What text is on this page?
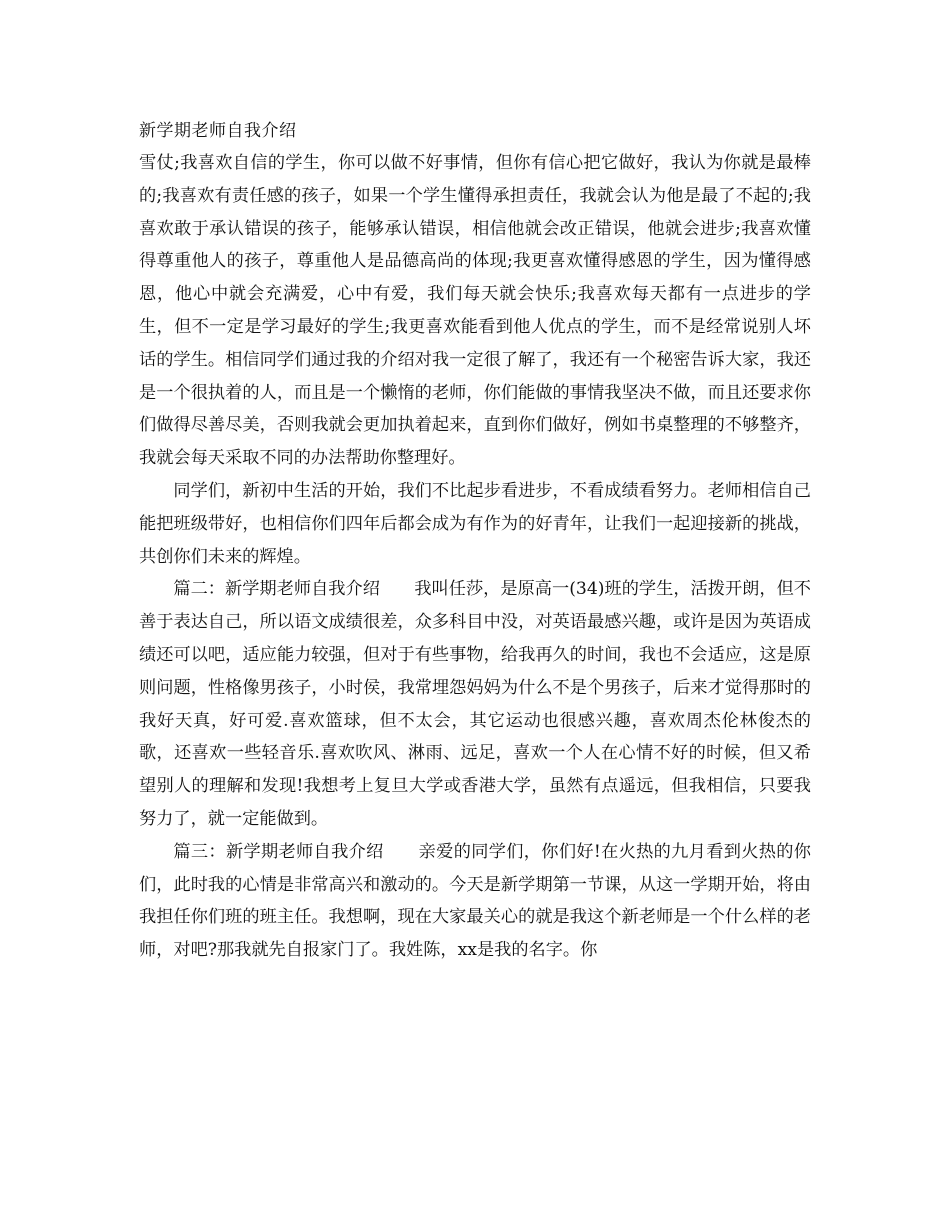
新学期老师自我介绍

雪仗;我喜欢自信的学生，你可以做不好事情，但你有信心把它做好，我认为你就是最棒的;我喜欢有责任感的孩子，如果一个学生懂得承担责任，我就会认为他是最了不起的;我喜欢敢于承认错误的孩子，能够承认错误，相信他就会改正错误，他就会进步;我喜欢懂得尊重他人的孩子，尊重他人是品德高尚的体现;我更喜欢懂得感恩的学生，因为懂得感恩，他心中就会充满爱，心中有爱，我们每天就会快乐;我喜欢每天都有一点进步的学生，但不一定是学习最好的学生;我更喜欢能看到他人优点的学生，而不是经常说别人坏话的学生。相信同学们通过我的介绍对我一定很了解了，我还有一个秘密告诉大家，我还是一个很执着的人，而且是一个懒惰的老师，你们能做的事情我坚决不做，而且还要求你们做得尽善尽美，否则我就会更加执着起来，直到你们做好，例如书桌整理的不够整齐，我就会每天采取不同的办法帮助你整理好。

同学们，新初中生活的开始，我们不比起步看进步，不看成绩看努力。老师相信自己能把班级带好，也相信你们四年后都会成为有作为的好青年，让我们一起迎接新的挑战，共创你们未来的辉煌。

篇二：新学期老师自我介绍　　我叫任莎，是原高一(34)班的学生，活拨开朗，但不善于表达自己，所以语文成绩很差，众多科目中没，对英语最感兴趣，或许是因为英语成绩还可以吧，适应能力较强，但对于有些事物，给我再久的时间，我也不会适应，这是原则问题，性格像男孩子，小时侯，我常埋怨妈妈为什么不是个男孩子，后来才觉得那时的我好天真，好可爱.喜欢篮球，但不太会，其它运动也很感兴趣，喜欢周杰伦林俊杰的歌，还喜欢一些轻音乐.喜欢吹风、淋雨、远足，喜欢一个人在心情不好的时候，但又希望别人的理解和发现!我想考上复旦大学或香港大学，虽然有点遥远，但我相信，只要我努力了，就一定能做到。

篇三：新学期老师自我介绍　　亲爱的同学们，你们好!在火热的九月看到火热的你们，此时我的心情是非常高兴和激动的。今天是新学期第一节课，从这一学期开始，将由我担任你们班的班主任。我想啊，现在大家最关心的就是我这个新老师是一个什么样的老师，对吧?那我就先自报家门了。我姓陈，xx是我的名字。你
